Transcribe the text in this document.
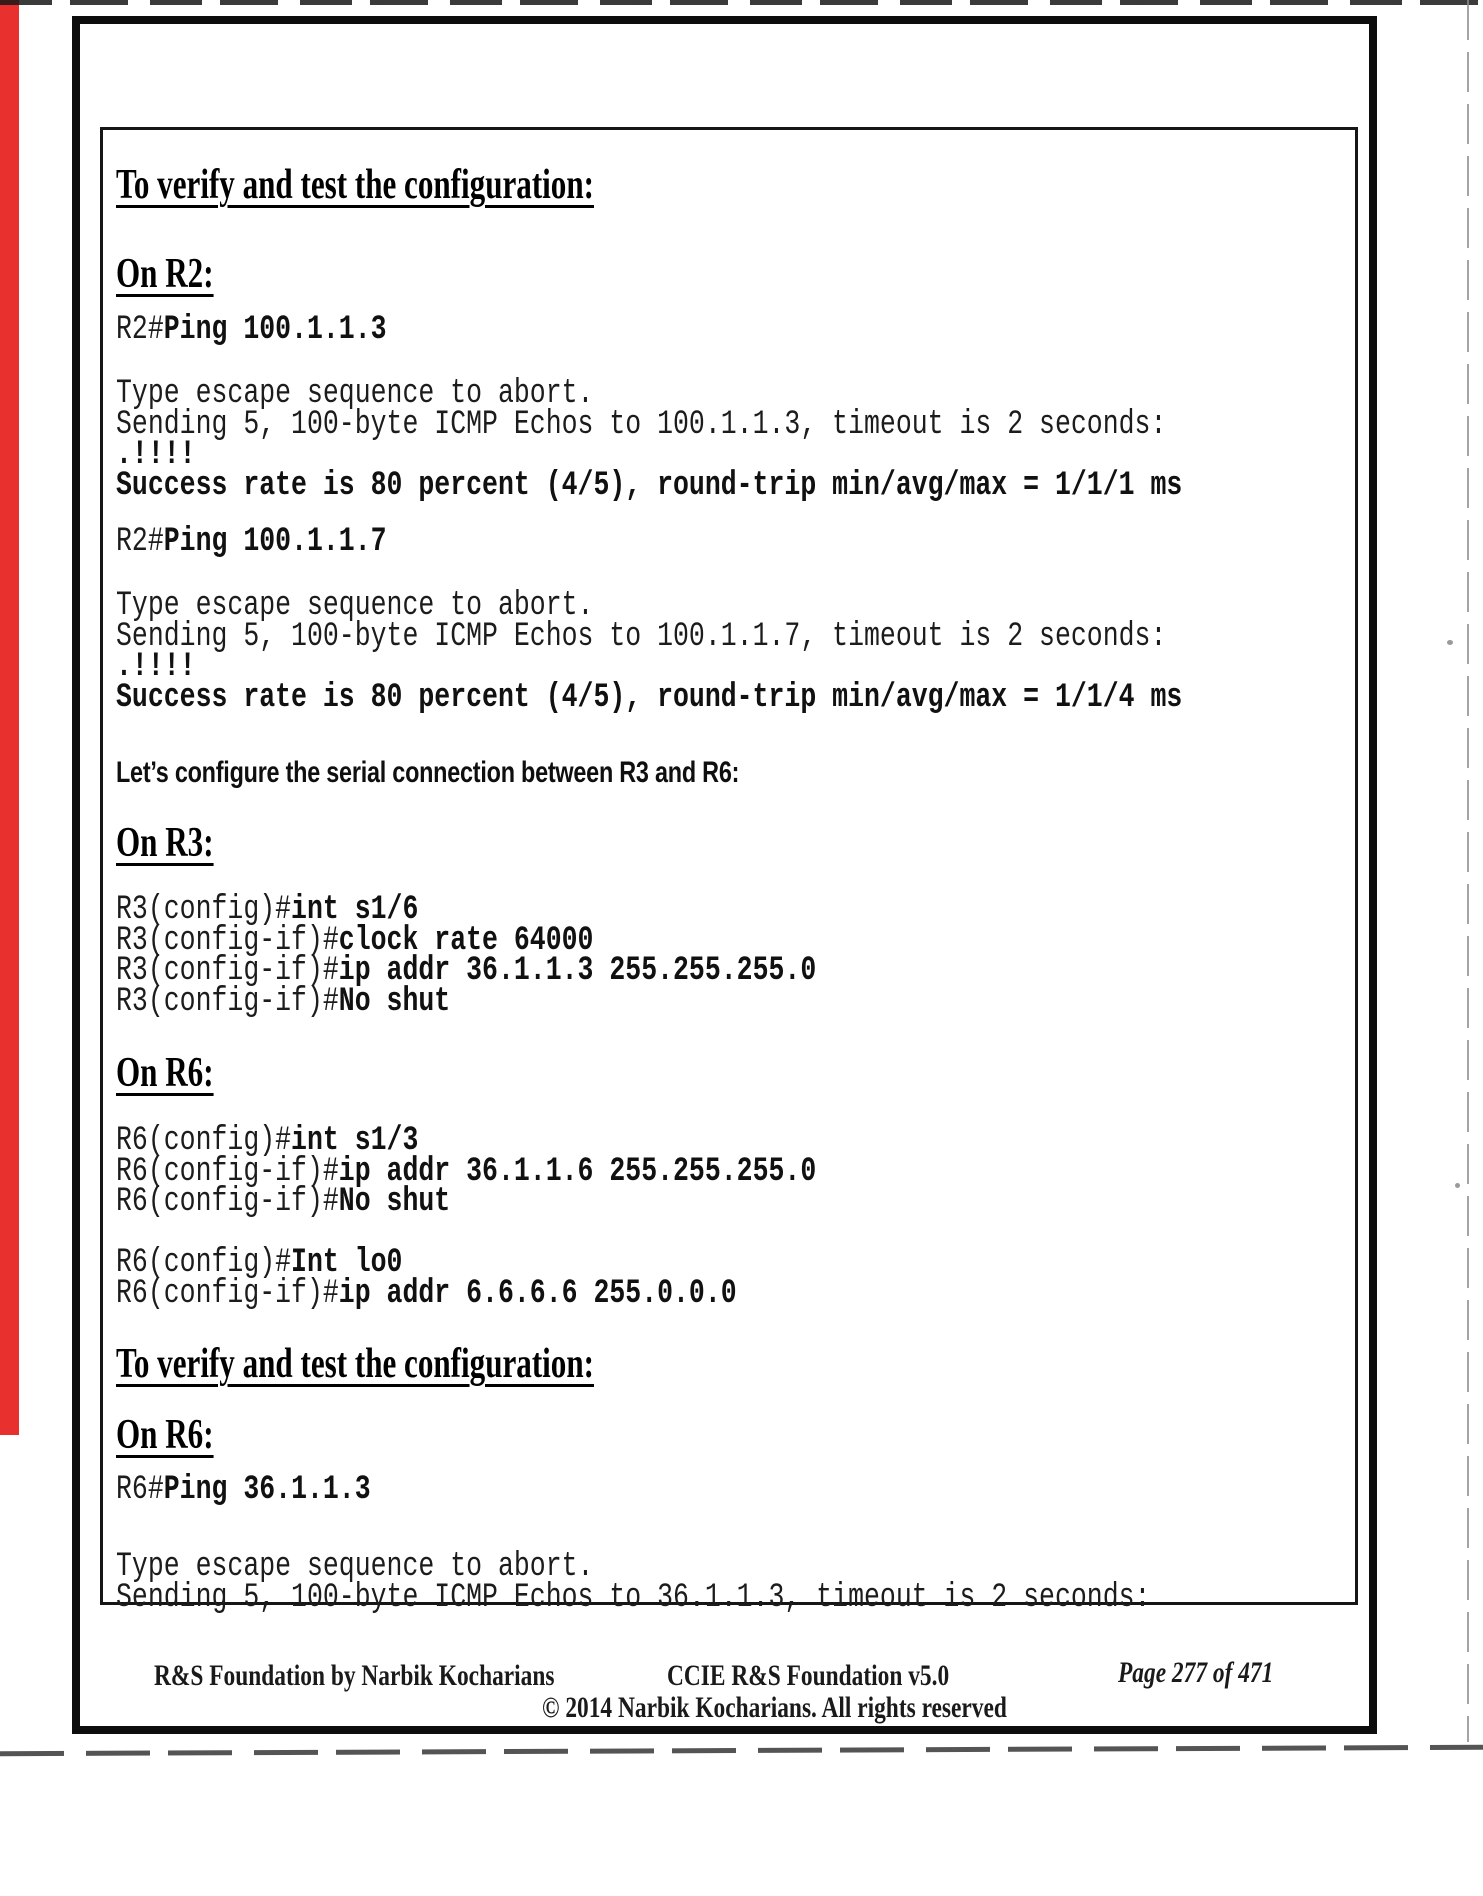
To verify and test the configuration:
On R2:
R2#Ping 100.1.1.3
Type escape sequence to abort.
Sending 5, 100-byte ICMP Echos to 100.1.1.3, timeout is 2 seconds:
.!!!!
Success rate is 80 percent (4/5), round-trip min/avg/max = 1/1/1 ms
R2#Ping 100.1.1.7
Type escape sequence to abort.
Sending 5, 100-byte ICMP Echos to 100.1.1.7, timeout is 2 seconds:
.!!!!
Success rate is 80 percent (4/5), round-trip min/avg/max = 1/1/4 ms
Let’s configure the serial connection between R3 and R6:
On R3:
R3(config)#int s1/6
R3(config-if)#clock rate 64000
R3(config-if)#ip addr 36.1.1.3 255.255.255.0
R3(config-if)#No shut
On R6:
R6(config)#int s1/3
R6(config-if)#ip addr 36.1.1.6 255.255.255.0
R6(config-if)#No shut
R6(config)#Int lo0
R6(config-if)#ip addr 6.6.6.6 255.0.0.0
To verify and test the configuration:
On R6:
R6#Ping 36.1.1.3
Type escape sequence to abort.
Sending 5, 100-byte ICMP Echos to 36.1.1.3, timeout is 2 seconds:
R&S Foundation by Narbik Kocharians	CCIE R&S Foundation v5.0	Page 277 of 471
© 2014 Narbik Kocharians. All rights reserved
